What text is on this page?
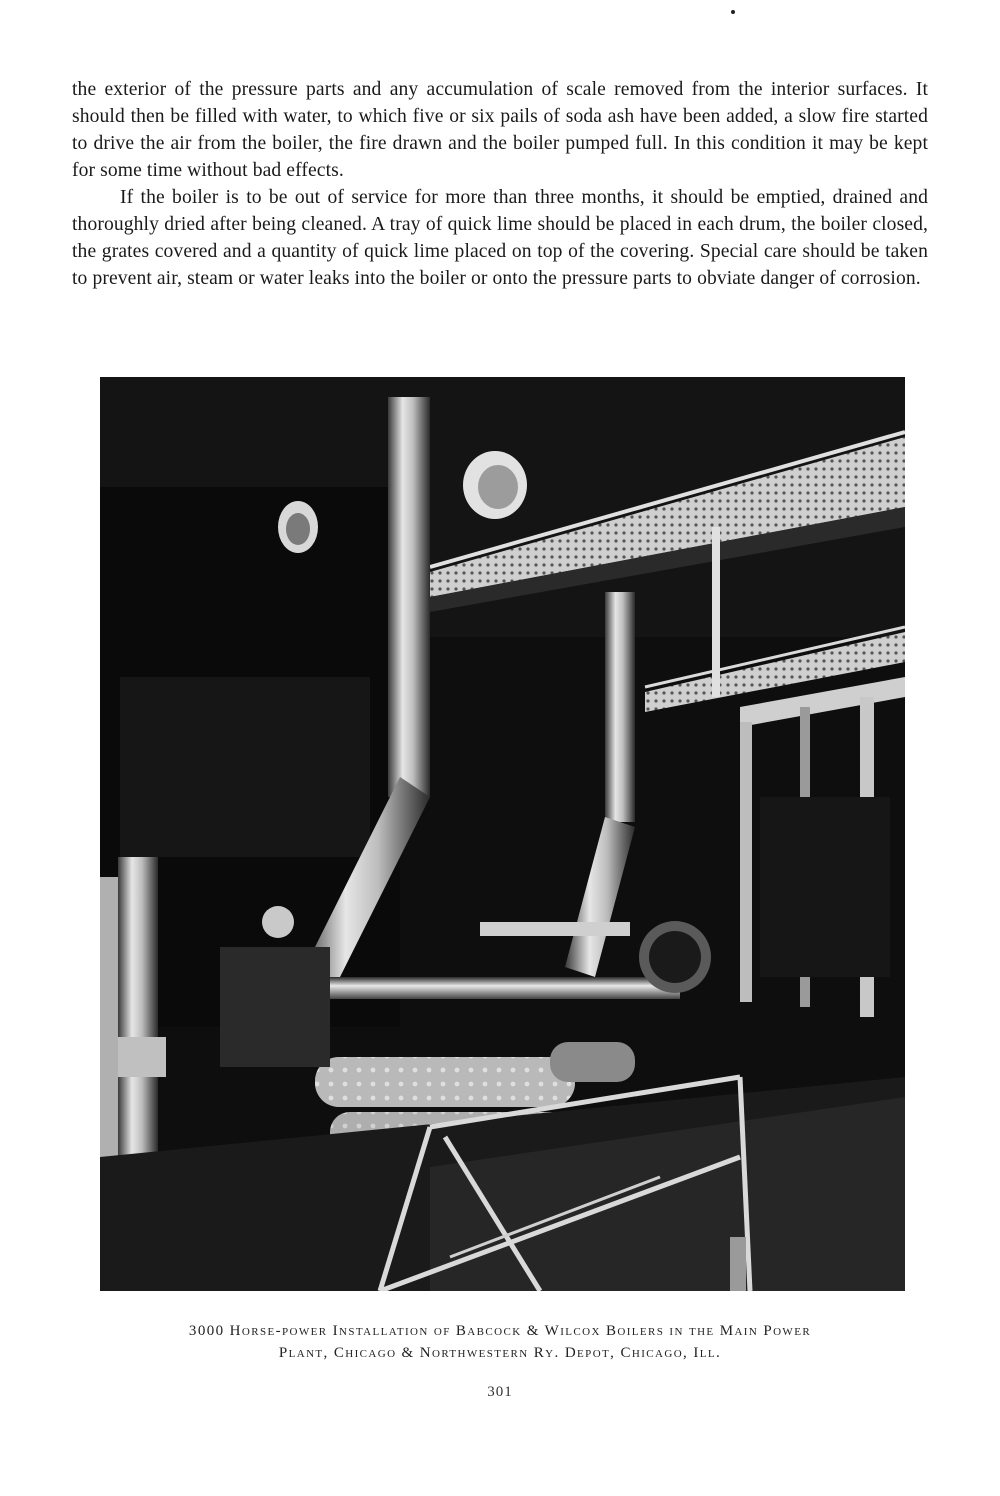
the exterior of the pressure parts and any accumulation of scale removed from the interior surfaces. It should then be filled with water, to which five or six pails of soda ash have been added, a slow fire started to drive the air from the boiler, the fire drawn and the boiler pumped full. In this condition it may be kept for some time without bad effects.

If the boiler is to be out of service for more than three months, it should be emptied, drained and thoroughly dried after being cleaned. A tray of quick lime should be placed in each drum, the boiler closed, the grates covered and a quantity of quick lime placed on top of the covering. Special care should be taken to prevent air, steam or water leaks into the boiler or onto the pressure parts to obviate danger of corrosion.

3000 Horse-power Installation of Babcock & Wilcox Boilers in the Main Power
Plant, Chicago & Northwestern Ry. Depot, Chicago, Ill.
301
